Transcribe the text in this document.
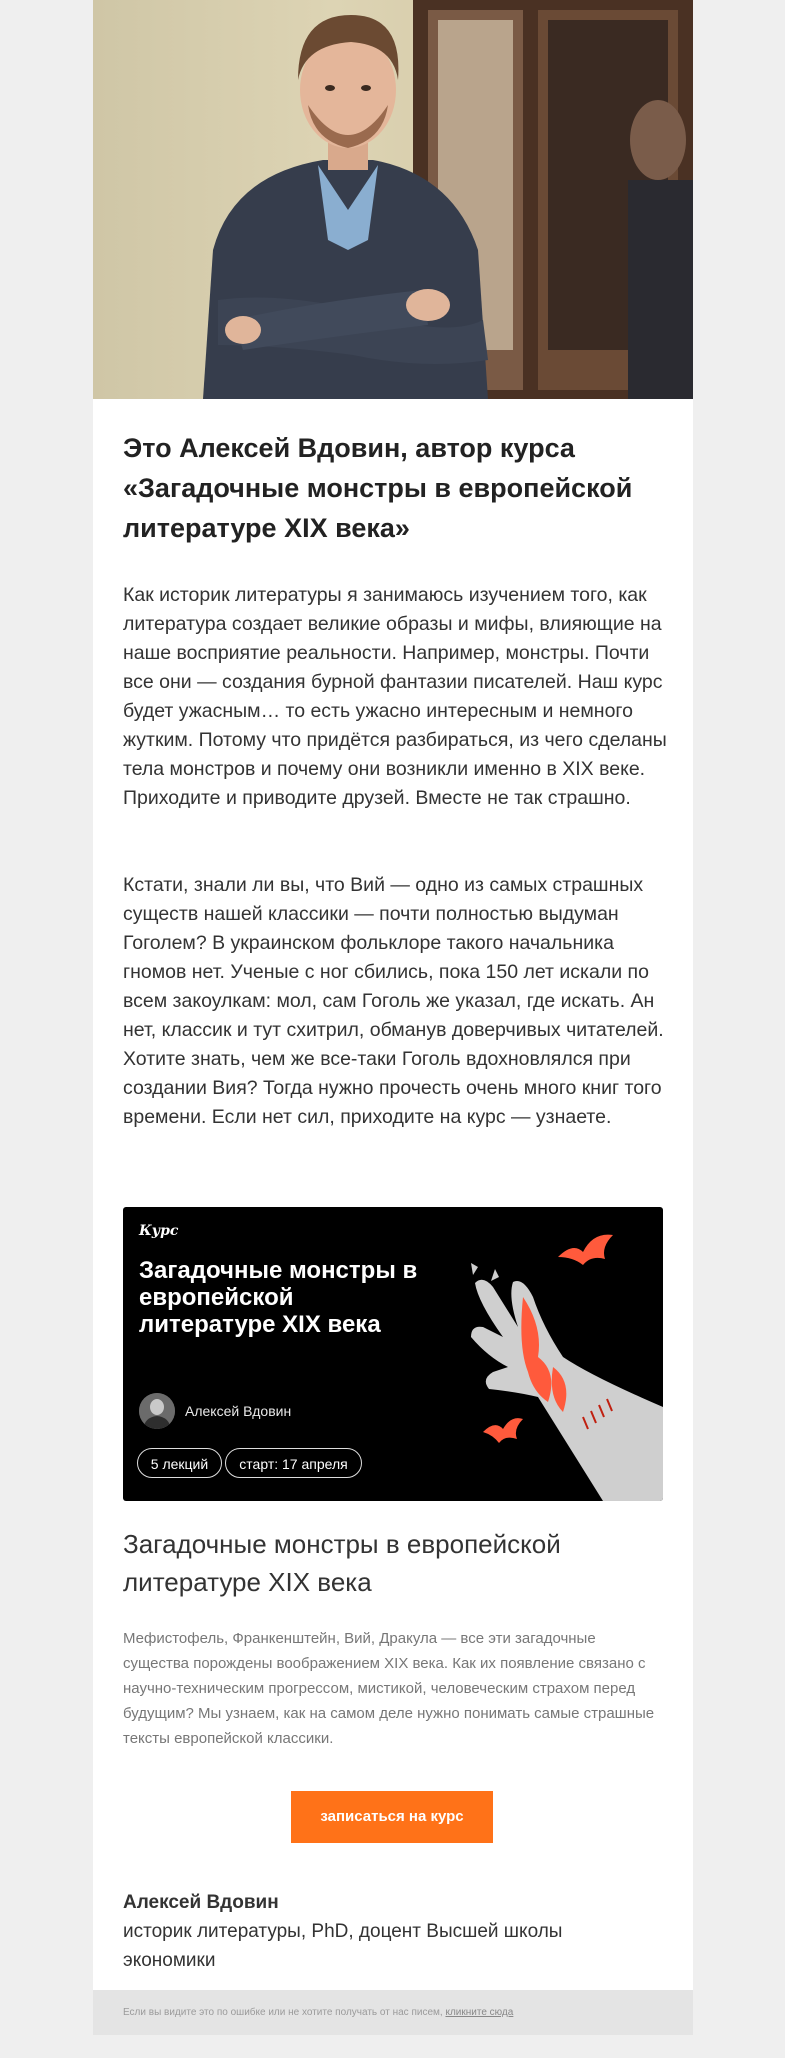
Это Алексей Вдовин, автор курса «Загадочные монстры в европейской литературе XIX века»

Как историк литературы я занимаюсь изучением того, как литература создает великие образы и мифы, влияющие на наше восприятие реальности. Например, монстры. Почти все они — создания бурной фантазии писателей. Наш курс будет ужасным… то есть ужасно интересным и немного жутким. Потому что придётся разбираться, из чего сделаны тела монстров и почему они возникли именно в XIX веке. Приходите и приводите друзей. Вместе не так страшно.

Кстати, знали ли вы, что Вий — одно из самых страшных существ нашей классики — почти полностью выдуман Гоголем? В украинском фольклоре такого начальника гномов нет. Ученые с ног сбились, пока 150 лет искали по всем закоулкам: мол, сам Гоголь же указал, где искать. Ан нет, классик и тут схитрил, обманув доверчивых читателей. Хотите знать, чем же все-таки Гоголь вдохновлялся при создании Вия? Тогда нужно прочесть очень много книг того времени. Если нет сил, приходите на курс — узнаете.

Курс
Загадочные монстры в европейской литературе XIX века
Алексей Вдовин
5 лекций	старт: 17 апреля
Загадочные монстры в европейской литературе XIX века

Мефистофель, Франкенштейн, Вий, Дракула — все эти загадочные существа порождены воображением XIX века. Как их появление связано с научно-техническим прогрессом, мистикой, человеческим страхом перед будущим? Мы узнаем, как на самом деле нужно понимать самые страшные тексты европейской классики.

записаться на курс

Алексей Вдовин

историк литературы, PhD, доцент Высшей школы экономики

Если вы видите это по ошибке или не хотите получать от нас писем, кликните сюда
